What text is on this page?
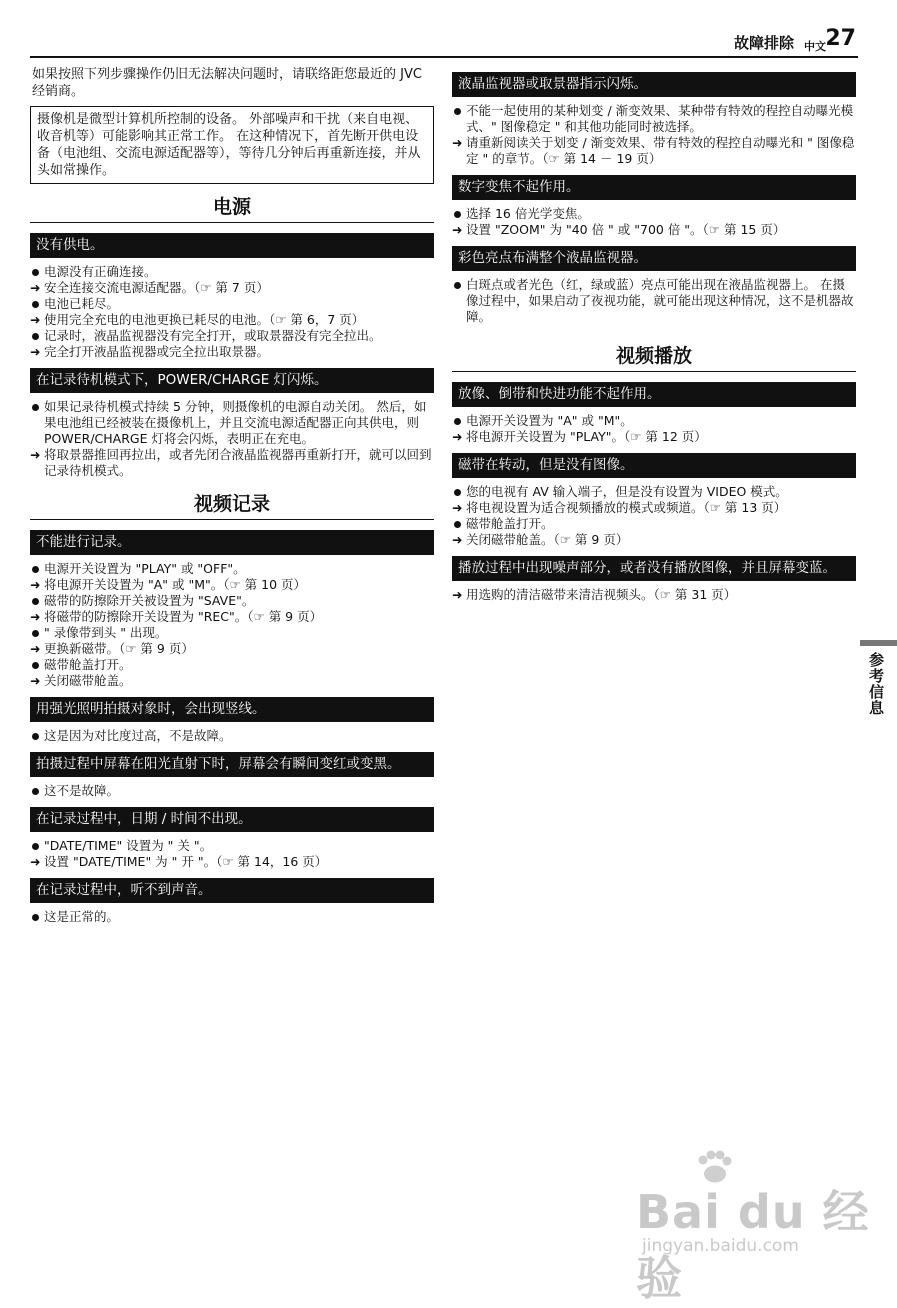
故障排除 中文 27

如果按照下列步骤操作仍旧无法解决问题时，请联络距您最近的 JVC 经销商。

摄像机是微型计算机所控制的设备。 外部噪声和干扰（来自电视、收音机等）可能影响其正常工作。 在这种情况下，首先断开供电设备（电池组、交流电源适配器等），等待几分钟后再重新连接，并从头如常操作。
电源
没有供电。
电源没有正确连接。
➜ 安全连接交流电源适配器。（☞ 第 7 页）
电池已耗尽。
➜ 使用完全充电的电池更换已耗尽的电池。（☞ 第 6，7 页）
记录时，液晶监视器没有完全打开，或取景器没有完全拉出。
➜ 完全打开液晶监视器或完全拉出取景器。
在记录待机模式下，POWER/CHARGE 灯闪烁。
如果记录待机模式持续 5 分钟，则摄像机的电源自动关闭。 然后，如果电池组已经被装在摄像机上，并且交流电源适配器正向其供电，则 POWER/CHARGE 灯将会闪烁，表明正在充电。
➜ 将取景器推回再拉出，或者先闭合液晶监视器再重新打开，就可以回到记录待机模式。
视频记录
不能进行记录。
电源开关设置为 "PLAY" 或 "OFF"。
➜ 将电源开关设置为 "A" 或 "M"。（☞ 第 10 页）
磁带的防擦除开关被设置为 "SAVE"。
➜ 将磁带的防擦除开关设置为 "REC"。（☞ 第 9 页）
" 录像带到头 " 出现。
➜ 更换新磁带。（☞ 第 9 页）
磁带舱盖打开。
➜ 关闭磁带舱盖。
用强光照明拍摄对象时，会出现竖线。
这是因为对比度过高，不是故障。
拍摄过程中屏幕在阳光直射下时，屏幕会有瞬间变红或变黑。
这不是故障。
在记录过程中，日期 / 时间不出现。
"DATE/TIME" 设置为 " 关 "。
➜ 设置 "DATE/TIME" 为 " 开 "。（☞ 第 14，16 页）
在记录过程中，听不到声音。
这是正常的。
液晶监视器或取景器指示闪烁。
不能一起使用的某种划变 / 渐变效果、某种带有特效的程控自动曝光模式、" 图像稳定 " 和其他功能同时被选择。
➜ 请重新阅读关于划变 / 渐变效果、带有特效的程控自动曝光和 " 图像稳定 " 的章节。（☞ 第 14 － 19 页）
数字变焦不起作用。
选择 16 倍光学变焦。
➜ 设置 "ZOOM" 为 "40 倍 " 或 "700 倍 "。（☞ 第 15 页）
彩色亮点布满整个液晶监视器。
白斑点或者光色（红，绿或蓝）亮点可能出现在液晶监视器上。 在摄像过程中，如果启动了夜视功能，就可能出现这种情况，这不是机器故障。
视频播放
放像、倒带和快进功能不起作用。
电源开关设置为 "A" 或 "M"。
➜ 将电源开关设置为 "PLAY"。（☞ 第 12 页）
磁带在转动，但是没有图像。
您的电视有 AV 输入端子，但是没有设置为 VIDEO 模式。
➜ 将电视设置为适合视频播放的模式或频道。（☞ 第 13 页）
磁带舱盖打开。
➜ 关闭磁带舱盖。（☞ 第 9 页）
播放过程中出现噪声部分，或者没有播放图像，并且屏幕变蓝。
➜ 用选购的清洁磁带来清洁视频头。（☞ 第 31 页）
参考信息
Bai du 经验
jingyan.baidu.com
